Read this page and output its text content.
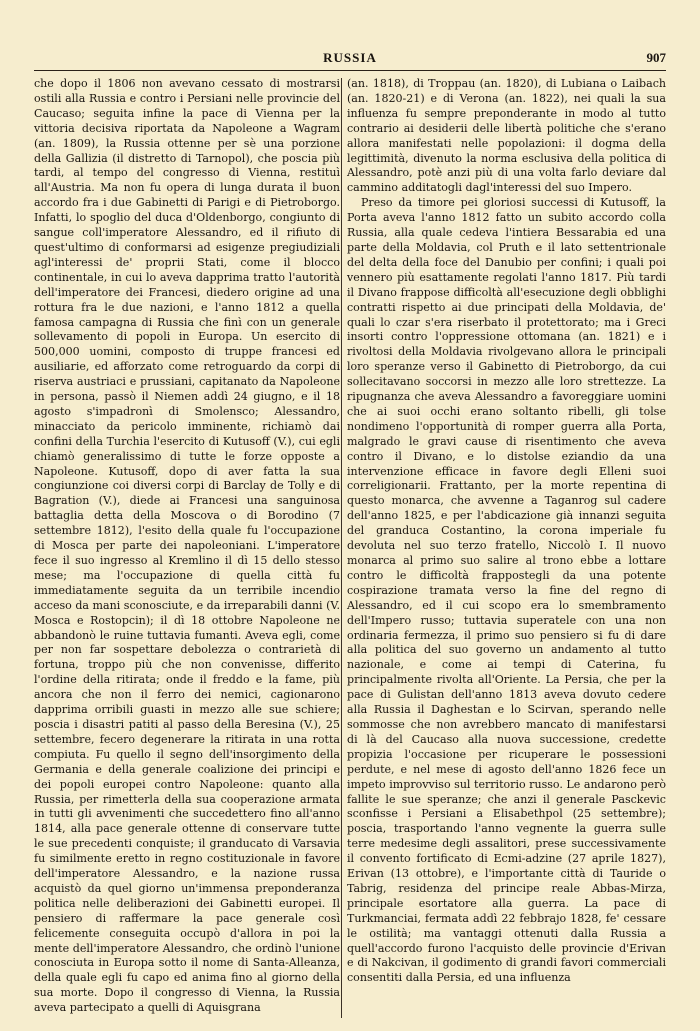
RUSSIA	907

che dopo il 1806 non avevano cessato di mostrarsi ostili alla Russia e contro i Persiani nelle provincie del Caucaso; seguita infine la pace di Vienna per la vittoria decisiva riportata da Napoleone a Wagram (an. 1809), la Russia ottenne per sè una porzione della Gallizia (il distretto di Tarnopol), che poscia più tardi, al tempo del congresso di Vienna, restituì all'Austria. Ma non fu opera di lunga durata il buon accordo fra i due Gabinetti di Parigi e di Pietroborgo. Infatti, lo spoglio del duca d'Oldenborgo, congiunto di sangue coll'imperatore Alessandro, ed il rifiuto di quest'ultimo di conformarsi ad esigenze pregiudiziali agl'interessi de' proprii Stati, come il blocco continentale, in cui lo aveva dapprima tratto l'autorità dell'imperatore dei Francesi, diedero origine ad una rottura fra le due nazioni, e l'anno 1812 a quella famosa campagna di Russia che finì con un generale sollevamento di popoli in Europa. Un esercito di 500,000 uomini, composto di truppe francesi ed ausiliarie, ed afforzato come retroguardo da corpi di riserva austriaci e prussiani, capitanato da Napoleone in persona, passò il Niemen addì 24 giugno, e il 18 agosto s'impadronì di Smolensco; Alessandro, minacciato da pericolo imminente, richiamò dai confini della Turchia l'esercito di Kutusoff (V.), cui egli chiamò generalissimo di tutte le forze opposte a Napoleone. Kutusoff, dopo di aver fatta la sua congiunzione coi diversi corpi di Barclay de Tolly e di Bagration (V.), diede ai Francesi una sanguinosa battaglia detta della Moscova o di Borodino (7 settembre 1812), l'esito della quale fu l'occupazione di Mosca per parte dei napoleoniani. L'imperatore fece il suo ingresso al Kremlino il dì 15 dello stesso mese; ma l'occupazione di quella città fu immediatamente seguita da un terribile incendio acceso da mani sconosciute, e da irreparabili danni (V. Mosca e Rostopcin); il dì 18 ottobre Napoleone ne abbandonò le ruine tuttavia fumanti. Aveva egli, come per non far sospettare debolezza o contrarietà di fortuna, troppo più che non convenisse, differito l'ordine della ritirata; onde il freddo e la fame, più ancora che non il ferro dei nemici, cagionarono dapprima orribili guasti in mezzo alle sue schiere; poscia i disastri patiti al passo della Beresina (V.), 25 settembre, fecero degenerare la ritirata in una rotta compiuta. Fu quello il segno dell'insorgimento della Germania e della generale coalizione dei principi e dei popoli europei contro Napoleone: quanto alla Russia, per rimetterla della sua cooperazione armata in tutti gli avvenimenti che succedettero fino all'anno 1814, alla pace generale ottenne di conservare tutte le sue precedenti conquiste; il granducato di Varsavia fu similmente eretto in regno costituzionale in favore dell'imperatore Alessandro, e la nazione russa acquistò da quel giorno un'immensa preponderanza politica nelle deliberazioni dei Gabinetti europei. Il pensiero di raffermare la pace generale così felicemente conseguita occupò d'allora in poi la mente dell'imperatore Alessandro, che ordinò l'unione conosciuta in Europa sotto il nome di Santa-Alleanza, della quale egli fu capo ed anima fino al giorno della sua morte. Dopo il congresso di Vienna, la Russia aveva partecipato a quelli di Aquisgrana

(an. 1818), di Troppau (an. 1820), di Lubiana o Laibach (an. 1820-21) e di Verona (an. 1822), nei quali la sua influenza fu sempre preponderante in modo al tutto contrario ai desiderii delle libertà politiche che s'erano allora manifestati nelle popolazioni: il dogma della legittimità, divenuto la norma esclusiva della politica di Alessandro, potè anzi più di una volta farlo deviare dal cammino additatogli dagl'interessi del suo Impero.

Preso da timore pei gloriosi successi di Kutusoff, la Porta aveva l'anno 1812 fatto un subito accordo colla Russia, alla quale cedeva l'intiera Bessarabia ed una parte della Moldavia, col Pruth e il lato settentrionale del delta della foce del Danubio per confini; i quali poi vennero più esattamente regolati l'anno 1817. Più tardi il Divano frappose difficoltà all'esecuzione degli obblighi contratti rispetto ai due principati della Moldavia, de' quali lo czar s'era riserbato il protettorato; ma i Greci insorti contro l'oppressione ottomana (an. 1821) e i rivoltosi della Moldavia rivolgevano allora le principali loro speranze verso il Gabinetto di Pietroborgo, da cui sollecitavano soccorsi in mezzo alle loro strettezze. La ripugnanza che aveva Alessandro a favoreggiare uomini che ai suoi occhi erano soltanto ribelli, gli tolse nondimeno l'opportunità di romper guerra alla Porta, malgrado le gravi cause di risentimento che aveva contro il Divano, e lo distolse eziandio da una intervenzione efficace in favore degli Elleni suoi correligionarii. Frattanto, per la morte repentina di questo monarca, che avvenne a Taganrog sul cadere dell'anno 1825, e per l'abdicazione già innanzi seguita del granduca Costantino, la corona imperiale fu devoluta nel suo terzo fratello, Niccolò I. Il nuovo monarca al primo suo salire al trono ebbe a lottare contro le difficoltà frappostegli da una potente cospirazione tramata verso la fine del regno di Alessandro, ed il cui scopo era lo smembramento dell'Impero russo; tuttavia superatele con una non ordinaria fermezza, il primo suo pensiero si fu di dare alla politica del suo governo un andamento al tutto nazionale, e come ai tempi di Caterina, fu principalmente rivolta all'Oriente. La Persia, che per la pace di Gulistan dell'anno 1813 aveva dovuto cedere alla Russia il Daghestan e lo Scirvan, sperando nelle sommosse che non avrebbero mancato di manifestarsi di là del Caucaso alla nuova successione, credette propizia l'occasione per ricuperare le possessioni perdute, e nel mese di agosto dell'anno 1826 fece un impeto improvviso sul territorio russo. Le andarono però fallite le sue speranze; che anzi il generale Pasckevic sconfisse i Persiani a Elisabethpol (25 settembre); poscia, trasportando l'anno vegnente la guerra sulle terre medesime degli assalitori, prese successivamente il convento fortificato di Ecmi-adzine (27 aprile 1827), Erivan (13 ottobre), e l'importante città di Tauride o Tabrig, residenza del principe reale Abbas-Mirza, principale esortatore alla guerra. La pace di Turkmanciai, fermata addì 22 febbrajo 1828, fe' cessare le ostilità; ma vantaggi ottenuti dalla Russia a quell'accordo furono l'acquisto delle provincie d'Erivan e di Nakcivan, il godimento di grandi favori commerciali consentiti dalla Persia, ed una influenza
